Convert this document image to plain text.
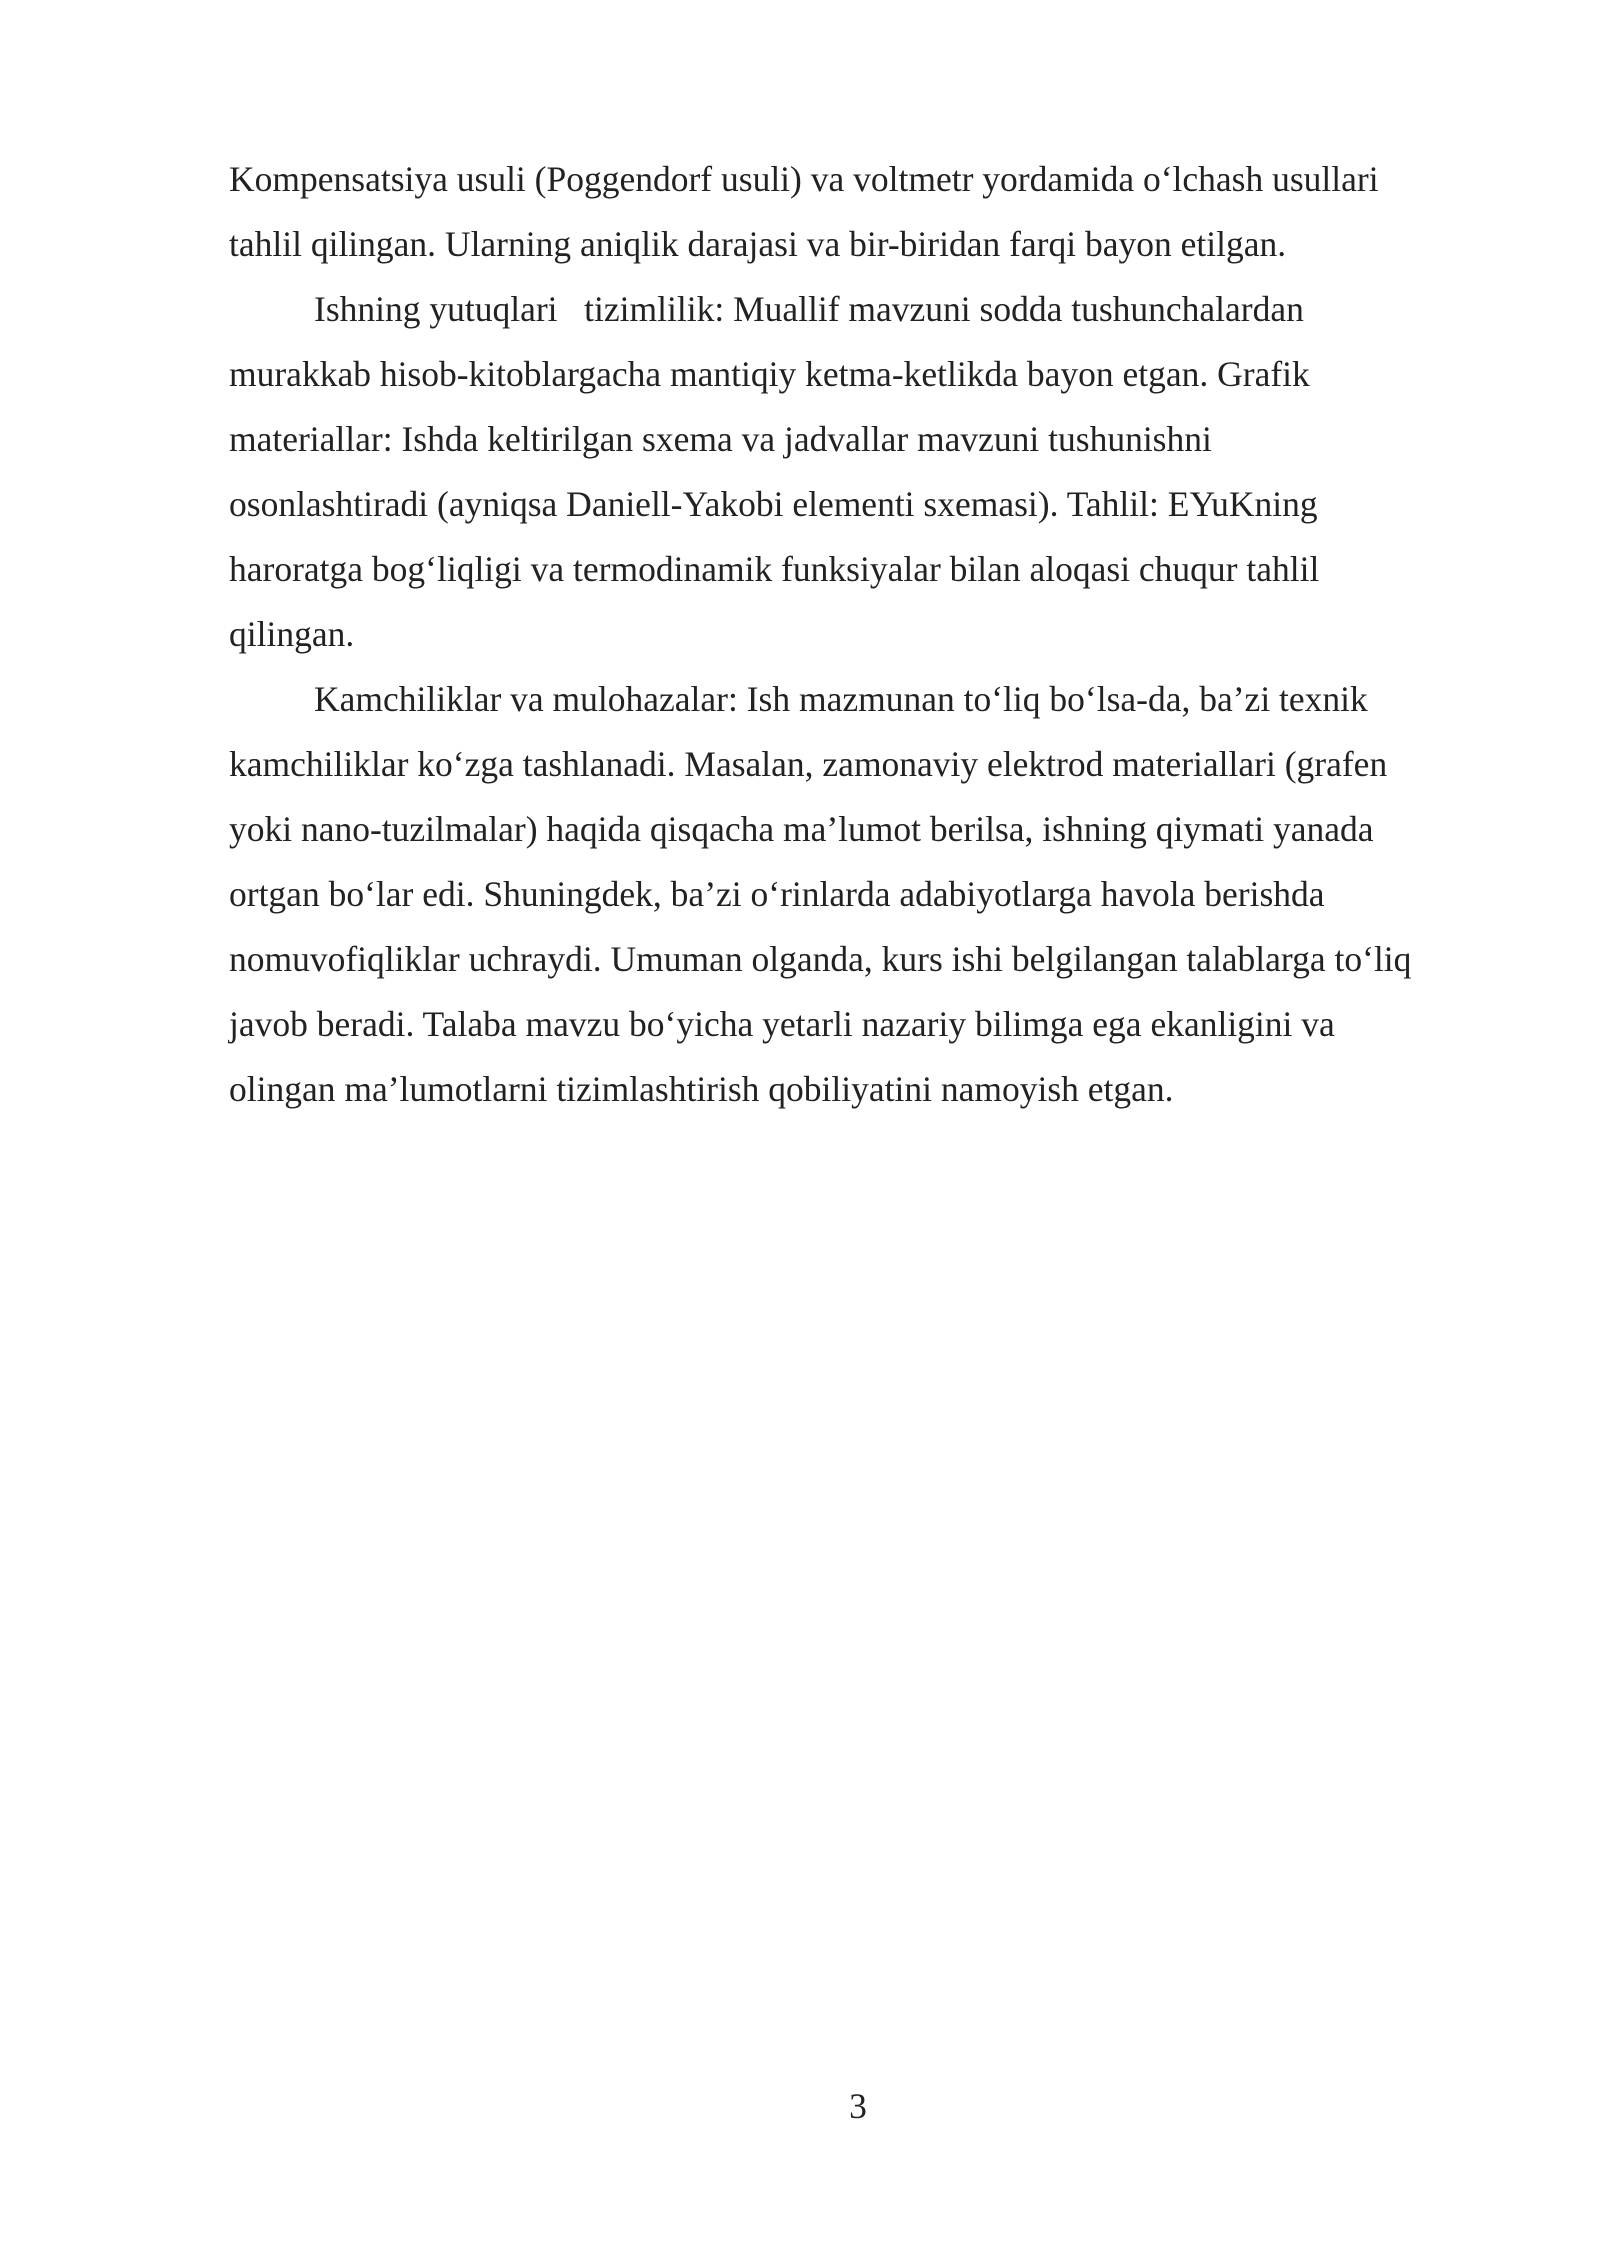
Kompensatsiya usuli (Poggendorf usuli) va voltmetr yordamida o‘lchash usullari
tahlil qilingan. Ularning aniqlik darajasi va bir-biridan farqi bayon etilgan.

Ishning yutuqlari   tizimlilik: Muallif mavzuni sodda tushunchalardan
murakkab hisob-kitoblargacha mantiqiy ketma-ketlikda bayon etgan. Grafik
materiallar: Ishda keltirilgan sxema va jadvallar mavzuni tushunishni
osonlashtiradi (ayniqsa Daniell-Yakobi elementi sxemasi). Tahlil: EYuKning
haroratga bog‘liqligi va termodinamik funksiyalar bilan aloqasi chuqur tahlil
qilingan.

Kamchiliklar va mulohazalar: Ish mazmunan to‘liq bo‘lsa-da, ba’zi texnik
kamchiliklar ko‘zga tashlanadi. Masalan, zamonaviy elektrod materiallari (grafen
yoki nano-tuzilmalar) haqida qisqacha ma’lumot berilsa, ishning qiymati yanada
ortgan bo‘lar edi. Shuningdek, ba’zi o‘rinlarda adabiyotlarga havola berishda
nomuvofiqliklar uchraydi. Umuman olganda, kurs ishi belgilangan talablarga to‘liq
javob beradi. Talaba mavzu bo‘yicha yetarli nazariy bilimga ega ekanligini va
olingan ma’lumotlarni tizimlashtirish qobiliyatini namoyish etgan.

3
